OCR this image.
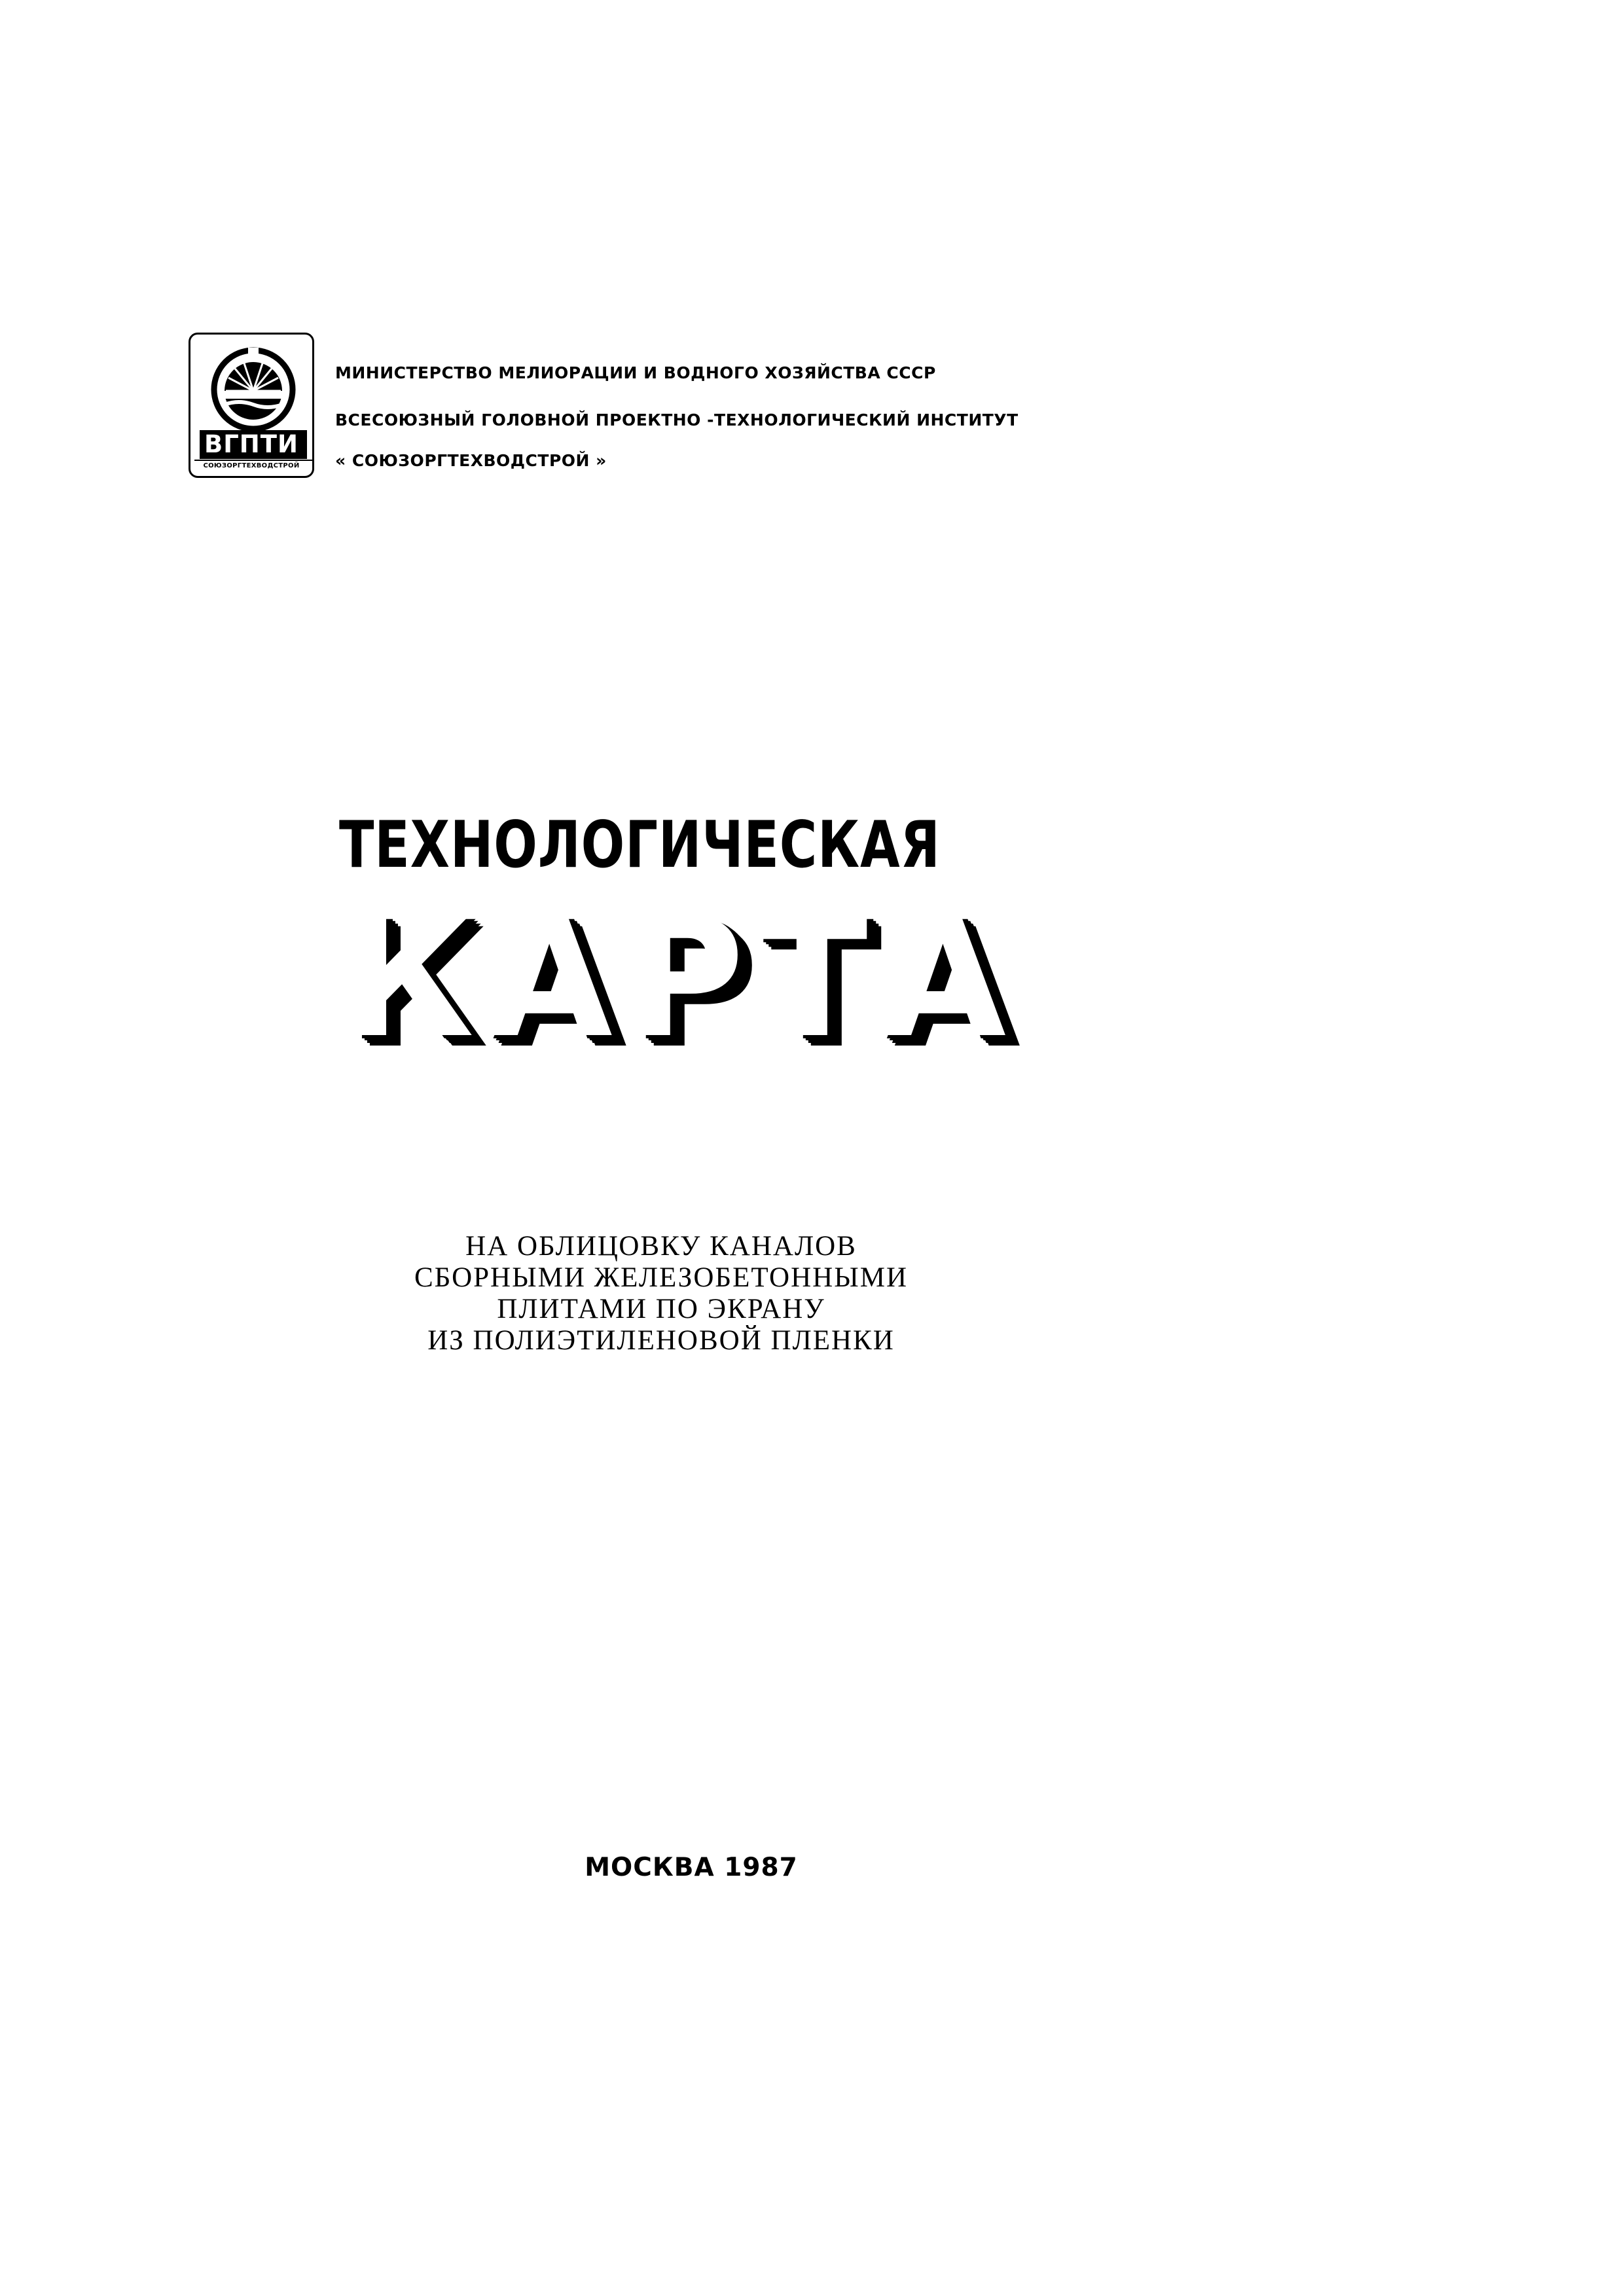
ВГПТИ
СОЮЗОРГТЕХВОДСТРОЙ
МИНИСТЕРСТВО МЕЛИОРАЦИИ И ВОДНОГО ХОЗЯЙСТВА СССР
ВСЕСОЮЗНЫЙ ГОЛОВНОЙ ПРОЕКТНО -ТЕХНОЛОГИЧЕСКИЙ ИНСТИТУТ
« СОЮЗОРГТЕХВОДСТРОЙ »
ТЕХНОЛОГИЧЕСКАЯ
КАРТА
НА ОБЛИЦОВКУ КАНАЛОВ
СБОРНЫМИ ЖЕЛЕЗОБЕТОННЫМИ
ПЛИТАМИ ПО ЭКРАНУ
ИЗ ПОЛИЭТИЛЕНОВОЙ ПЛЕНКИ
МОСКВА 1987
